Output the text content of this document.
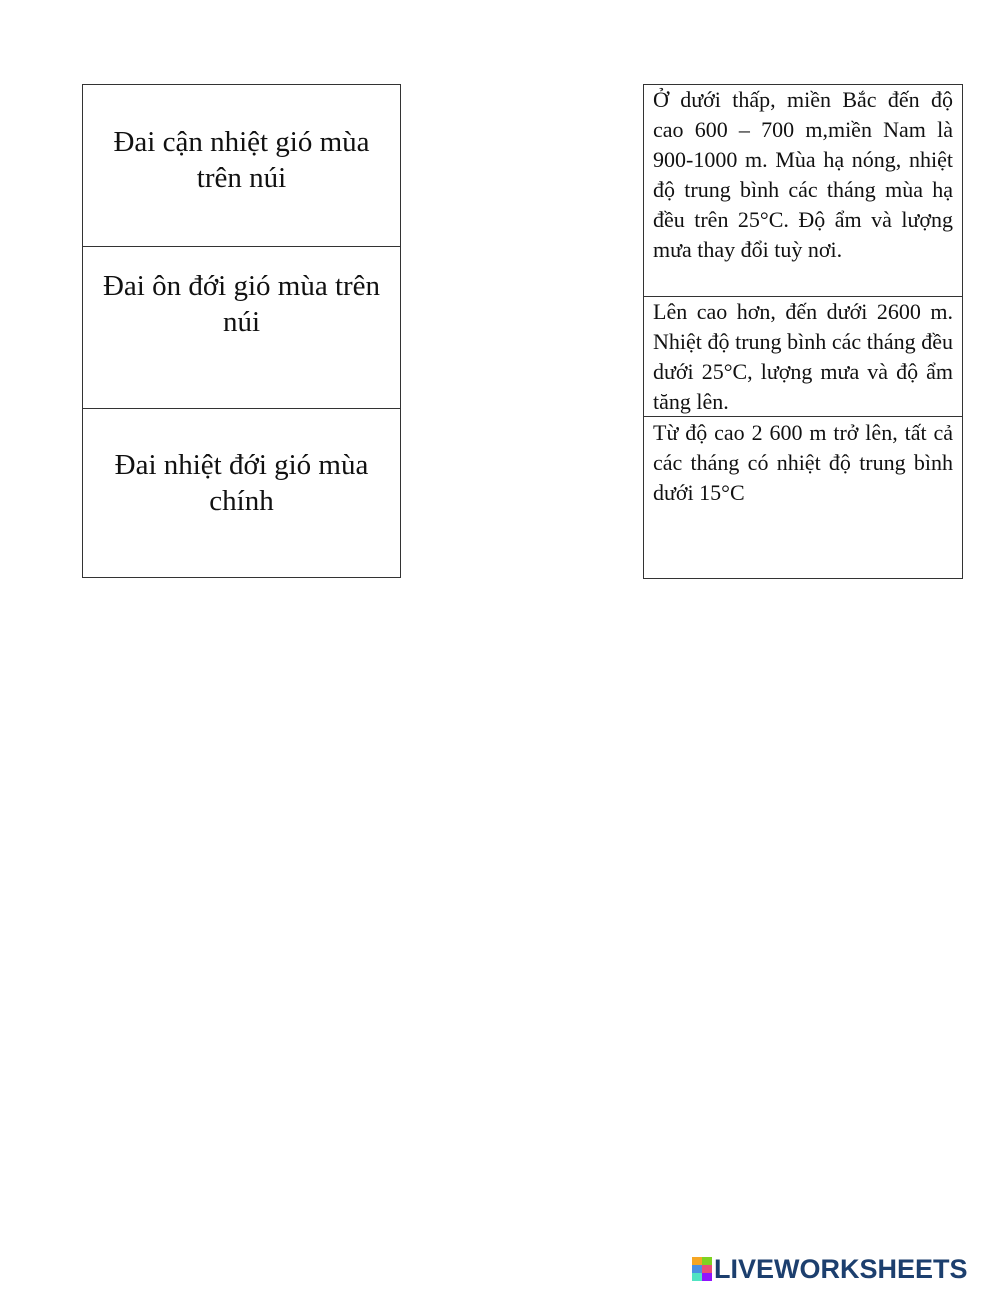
Đai cận nhiệt gió mùa trên núi
Đai ôn đới gió mùa trên núi
Đai nhiệt đới gió mùa chính
Ở dưới thấp, miền Bắc đến độ cao 600 – 700 m,miền Nam là 900-1000 m. Mùa hạ nóng, nhiệt độ trung bình các tháng mùa hạ đều trên 25°C. Độ ẩm và lượng mưa thay đổi tuỳ nơi.
Lên cao hơn, đến dưới 2600 m. Nhiệt độ trung bình các tháng đều dưới 25°C, lượng mưa và độ ẩm tăng lên.
Từ độ cao 2 600 m trở lên, tất cả các tháng có nhiệt độ trung bình dưới 15°C
LIVEWORKSHEETS
